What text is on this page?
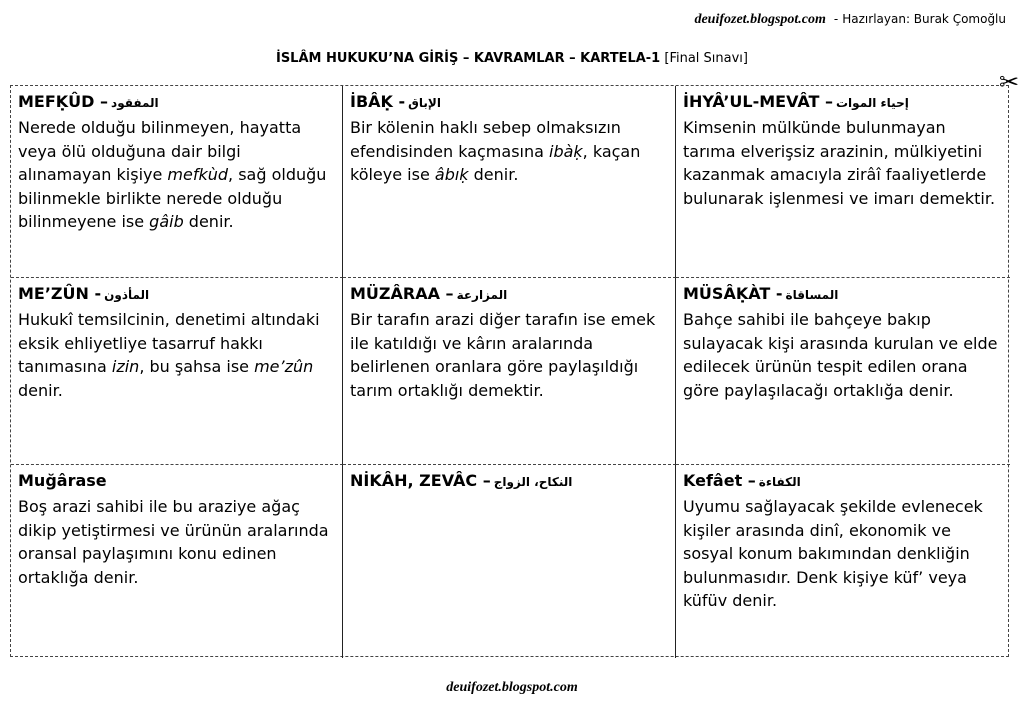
deuifozet.blogspot.com - Hazırlayan: Burak Çomoğlu
İSLÂM HUKUKU’NA GİRİŞ – KAVRAMLAR – KARTELA-1 [Final Sınavı]
✂
MEFḲÛD – المفقود
Nerede olduğu bilinmeyen, hayatta veya ölü olduğuna dair bilgi alınamayan kişiye mefkùd, sağ olduğu bilinmekle birlikte nerede olduğu bilinmeyene ise gâib denir.
İBÂḲ - الإباق
Bir kölenin haklı sebep olmaksızın efendisinden kaçmasına ibàḳ, kaçan köleye ise âbıḳ denir.
İHYÂ’UL-MEVÂT – إحياء الموات
Kimsenin mülkünde bulunmayan tarıma elverişsiz arazinin, mülkiyetini kazanmak amacıyla zirâî faaliyetlerde bulunarak işlenmesi ve imarı demektir.
ME’ZÛN - المأذون
Hukukî temsilcinin, denetimi altındaki eksik ehliyetliye tasarruf hakkı tanımasına izin, bu şahsa ise me’zûn denir.
MÜZÂRAA – المزارعة
Bir tarafın arazi diğer tarafın ise emek ile katıldığı ve kârın aralarında belirlenen oranlara göre paylaşıldığı tarım ortaklığı demektir.
MÜSÂḲÀT - المساقاة
Bahçe sahibi ile bahçeye bakıp sulayacak kişi arasında kurulan ve elde edilecek ürünün tespit edilen orana göre paylaşılacağı ortaklığa denir.
Muğârase
Boş arazi sahibi ile bu araziye ağaç dikip yetiştirmesi ve ürünün aralarında oransal paylaşımını konu edinen ortaklığa denir.
NİKÂH, ZEVÂC – النكاح، الزواج	Kefâet – الكفاءة
Uyumu sağlayacak şekilde evlenecek kişiler arasında dinî, ekonomik ve sosyal konum bakımından denkliğin bulunmasıdır. Denk kişiye küf’ veya küfüv denir.
deuifozet.blogspot.com
